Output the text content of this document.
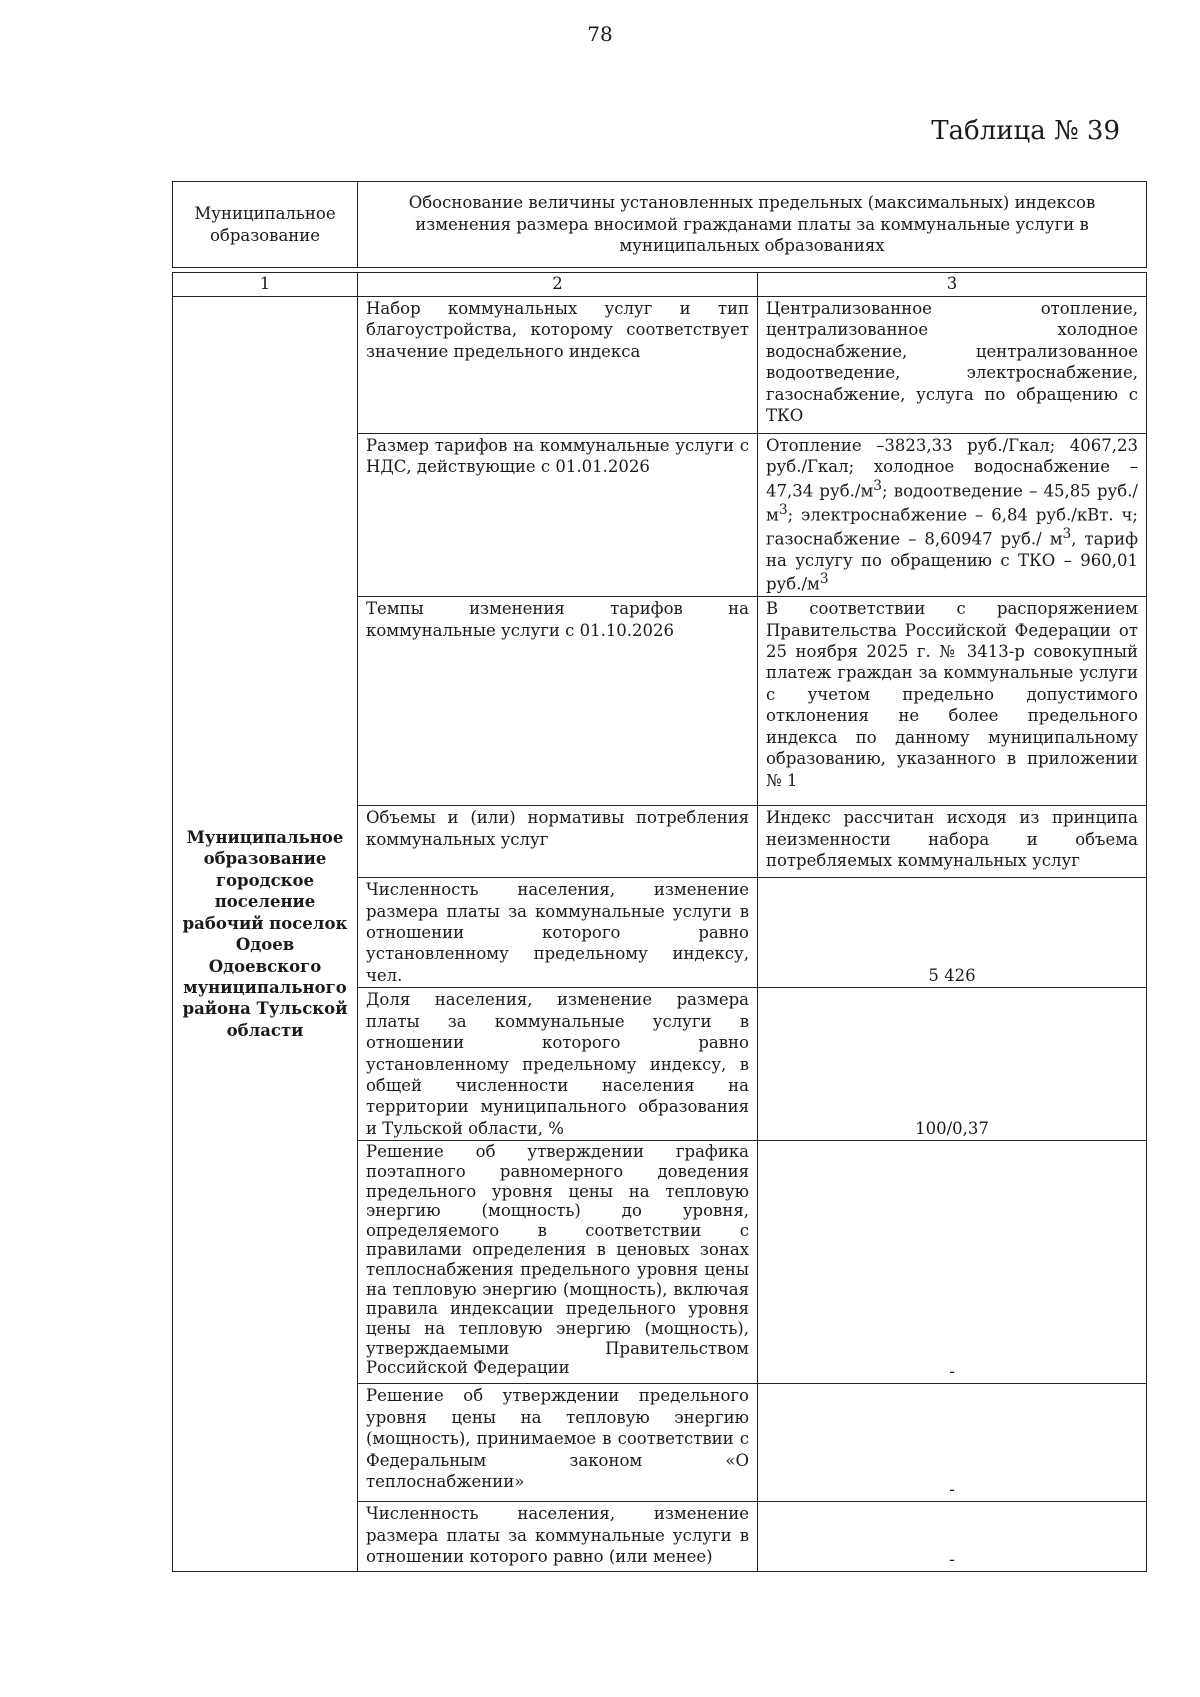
78
Таблица № 39
Муниципальное образование	Обоснование величины установленных предельных (максимальных) индексов изменения размера вносимой гражданами платы за коммунальные услуги в муниципальных образованиях
1	2	3
Муниципальное образование городское поселение рабочий поселок Одоев Одоевского муниципального района Тульской области	Набор коммунальных услуг и тип благоустройства, которому соответствует значение предельного индекса	Централизованное отопление, централизованное холодное водоснабжение, централизованное водоотведение, электроснабжение, газоснабжение, услуга по обращению с ТКО
	Размер тарифов на коммунальные услуги с НДС, действующие с 01.01.2026	Отопление –3823,33 руб./Гкал; 4067,23 руб./Гкал; холодное водоснабжение – 47,34 $руб./м^3$; водоотведение – 45,85 $руб./м^3$; электроснабжение – 6,84 руб./кВт. ч; газоснабжение – 8,60947 руб./ $м^3$, тариф на услугу по обращению с ТКО – 960,01 $руб./м^3$
	Темпы изменения тарифов на коммунальные услуги с 01.10.2026	В соответствии с распоряжением Правительства Российской Федерации от 25 ноября 2025 г. № 3413-р совокупный платеж граждан за коммунальные услуги с учетом предельно допустимого отклонения не более предельного индекса по данному муниципальному образованию, указанного в приложении № 1
	Объемы и (или) нормативы потребления коммунальных услуг	Индекс рассчитан исходя из принципа неизменности набора и объема потребляемых коммунальных услуг
	Численность населения, изменение размера платы за коммунальные услуги в отношении которого равно установленному предельному индексу, чел.	5 426
	Доля населения, изменение размера платы за коммунальные услуги в отношении которого равно установленному предельному индексу, в общей численности населения на территории муниципального образования и Тульской области, %	100/0,37
	Решение об утверждении графика поэтапного равномерного доведения предельного уровня цены на тепловую энергию (мощность) до уровня, определяемого в соответствии с правилами определения в ценовых зонах теплоснабжения предельного уровня цены на тепловую энергию (мощность), включая правила индексации предельного уровня цены на тепловую энергию (мощность), утверждаемыми Правительством Российской Федерации	-
	Решение об утверждении предельного уровня цены на тепловую энергию (мощность), принимаемое в соответствии с Федеральным законом «О теплоснабжении»	-
	Численность населения, изменение размера платы за коммунальные услуги в отношении которого равно (или менее)	-
